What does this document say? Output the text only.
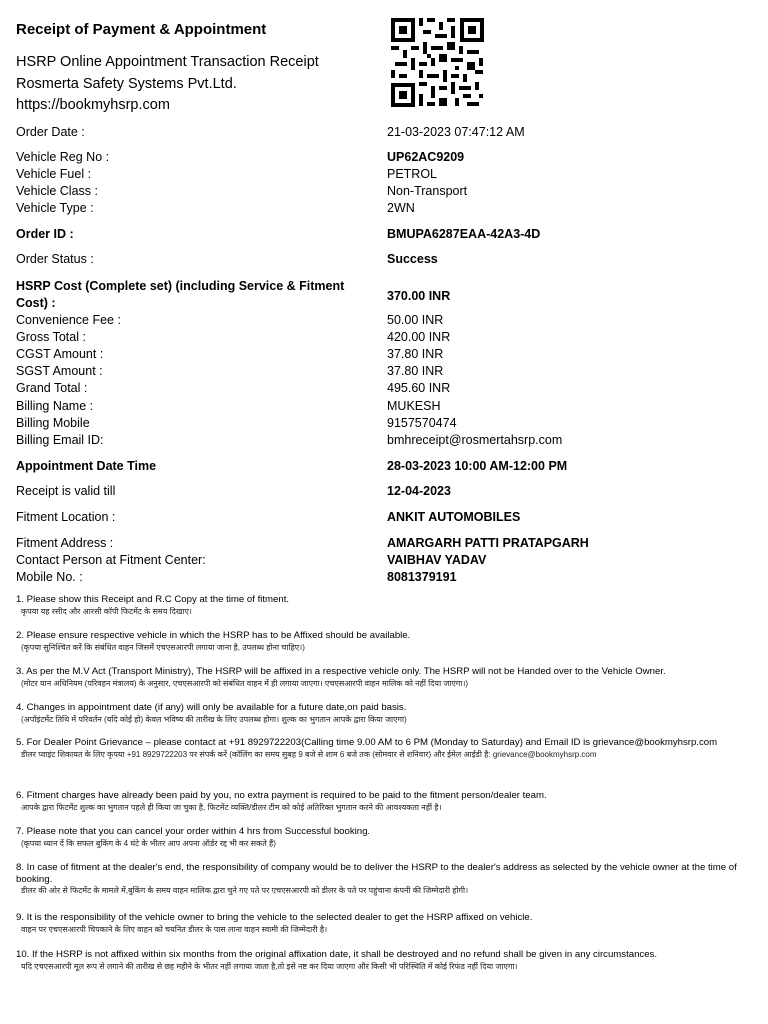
Receipt of Payment & Appointment
HSRP Online Appointment Transaction Receipt
Rosmerta Safety Systems Pvt.Ltd.
https://bookmyhsrp.com
Order Date :	21-03-2023 07:47:12 AM
Vehicle Reg No :	UP62AC9209
Vehicle Fuel :	PETROL
Vehicle Class :	Non-Transport
Vehicle Type :	2WN
Order ID :	BMUPA6287EAA-42A3-4D
Order Status :	Success
HSRP Cost (Complete set) (including Service & Fitment
Cost) :	370.00 INR
Convenience Fee :	50.00 INR
Gross Total :	420.00 INR
CGST Amount :	37.80 INR
SGST Amount :	37.80 INR
Grand Total :	495.60 INR
Billing Name :	MUKESH
Billing Mobile	9157570474
Billing Email ID:	bmhreceipt@rosmertahsrp.com
Appointment Date Time	28-03-2023 10:00 AM-12:00 PM
Receipt is valid till	12-04-2023
Fitment Location :	ANKIT AUTOMOBILES
Fitment Address :	AMARGARH PATTI PRATAPGARH
Contact Person at Fitment Center:	VAIBHAV YADAV
Mobile No. :	8081379191
1. Please show this Receipt and R.C Copy at the time of fitment.
कृपया यह रसीद और आरसी कॉपी फिटमेंट के समय दिखाए।
2. Please ensure respective vehicle in which the HSRP has to be Affixed should be available.
(कृपया सुनिश्चित करें कि संबंधित वाहन जिसमें एचएसआरपी लगाया जाना है, उपलब्ध होना चाहिए।)
3. As per the M.V Act (Transport Ministry), The HSRP will be affixed in a respective vehicle only. The HSRP will not be Handed over to the Vehicle Owner.
(मोटर यान अधिनियम (परिवहन मंत्रालय) के अनुसार, एचएसआरपी को संबंधित वाहन में ही लगाया जाएगा। एचएसआरपी वाहन मालिक को नहीं दिया जाएगा।)
4. Changes in appointment date (if any) will only be available for a future date,on paid basis.
(अपॉइंटमेंट तिथि में परिवर्तन (यदि कोई हो) केवल भविष्य की तारीख के लिए उपलब्ध होगा। शुल्क का भुगतान आपके द्वारा किया जाएगा)
5. For Dealer Point Grievance – please contact at +91 8929722203(Calling time 9.00 AM to 6 PM (Monday to Saturday) and Email ID is grievance@bookmyhsrp.com
डीलर प्वाइंट शिकायत के लिए कृपया +91 8929722203 पर संपर्क करें (कॉलिंग का समय सुबह 9 बजे से शाम 6 बजे तक (सोमवार से शनिवार) और ईमेल आईडी है: grievance@bookmyhsrp.com
6. Fitment charges have already been paid by you, no extra payment is required to be paid to the fitment person/dealer team.
आपके द्वारा फिटमेंट शुल्क का भुगतान पहले ही किया जा चुका है, फिटमेंट व्यक्ति/डीलर टीम को कोई अतिरिक्त भुगतान करने की आवश्यकता नहीं है।
7. Please note that you can cancel your order within 4 hrs from Successful booking.
(कृपया ध्यान दें कि सफल बुकिंग के 4 घंटे के भीतर आप अपना ऑर्डर रद्द भी कर सकते हैं)
8. In case of fitment at the dealer's end, the responsibility of company would be to deliver the HSRP to the dealer's address as selected by the vehicle owner at the time of booking.
डीलर की ओर से फिटमेंट के मामले में,बुकिंग के समय वाहन मालिक द्वारा चुने गए पते पर एचएसआरपी को डीलर के पते पर पहुंचाना कंपनी की जिम्मेदारी होगी।
9. It is the responsibility of the vehicle owner to bring the vehicle to the selected dealer to get the HSRP affixed on vehicle.
वाहन पर एचएसआरपी चिपकाने के लिए वाहन को चयनित डीलर के पास लाना वाहन स्वामी की जिम्मेदारी है।
10. If the HSRP is not affixed within six months from the original affixation date, it shall be destroyed and no refund shall be given in any circumstances.
यदि एचएसआरपी मूल रूप से लगाने की तारीख से छह महीने के भीतर नहीं लगाया जाता है,तो इसे नष्ट कर दिया जाएगा और किसी भी परिस्थिति में कोई रिफंड नहीं दिया जाएगा।
